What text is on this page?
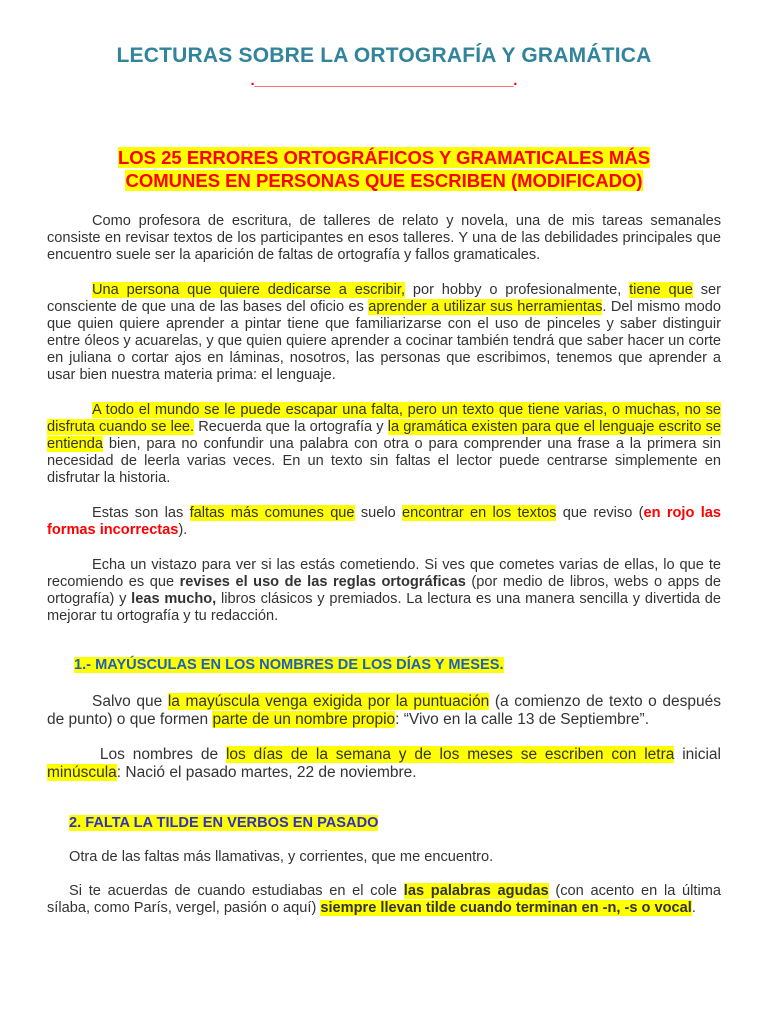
LECTURAS SOBRE LA ORTOGRAFÍA Y GRAMÁTICA
._______________________________.
LOS 25 ERRORES ORTOGRÁFICOS Y GRAMATICALES MÁS
COMUNES EN PERSONAS QUE ESCRIBEN (MODIFICADO)

Como profesora de escritura, de talleres de relato y novela, una de mis tareas semanales consiste en revisar textos de los participantes en esos talleres. Y una de las debilidades principales que encuentro suele ser la aparición de faltas de ortografía y fallos gramaticales.

Una persona que quiere dedicarse a escribir, por hobby o profesionalmente, tiene que ser consciente de que una de las bases del oficio es aprender a utilizar sus herramientas. Del mismo modo que quien quiere aprender a pintar tiene que familiarizarse con el uso de pinceles y saber distinguir entre óleos y acuarelas, y que quien quiere aprender a cocinar también tendrá que saber hacer un corte en juliana o cortar ajos en láminas, nosotros, las personas que escribimos, tenemos que aprender a usar bien nuestra materia prima: el lenguaje.

A todo el mundo se le puede escapar una falta, pero un texto que tiene varias, o muchas, no se disfruta cuando se lee. Recuerda que la ortografía y la gramática existen para que el lenguaje escrito se entienda bien, para no confundir una palabra con otra o para comprender una frase a la primera sin necesidad de leerla varias veces. En un texto sin faltas el lector puede centrarse simplemente en disfrutar la historia.

Estas son las faltas más comunes que suelo encontrar en los textos que reviso (en rojo las formas incorrectas).

Echa un vistazo para ver si las estás cometiendo. Si ves que cometes varias de ellas, lo que te recomiendo es que revises el uso de las reglas ortográficas (por medio de libros, webs o apps de ortografía) y leas mucho, libros clásicos y premiados. La lectura es una manera sencilla y divertida de mejorar tu ortografía y tu redacción.

1.- MAYÚSCULAS EN LOS NOMBRES DE LOS DÍAS Y MESES.

Salvo que la mayúscula venga exigida por la puntuación (a comienzo de texto o después de punto) o que formen parte de un nombre propio: “Vivo en la calle 13 de Septiembre”.

Los nombres de los días de la semana y de los meses se escriben con letra inicial minúscula: Nació el pasado martes, 22 de noviembre.

2. FALTA LA TILDE EN VERBOS EN PASADO

Otra de las faltas más llamativas, y corrientes, que me encuentro.

Si te acuerdas de cuando estudiabas en el cole las palabras agudas (con acento en la última sílaba, como París, vergel, pasión o aquí) siempre llevan tilde cuando terminan en -n, -s o vocal.
